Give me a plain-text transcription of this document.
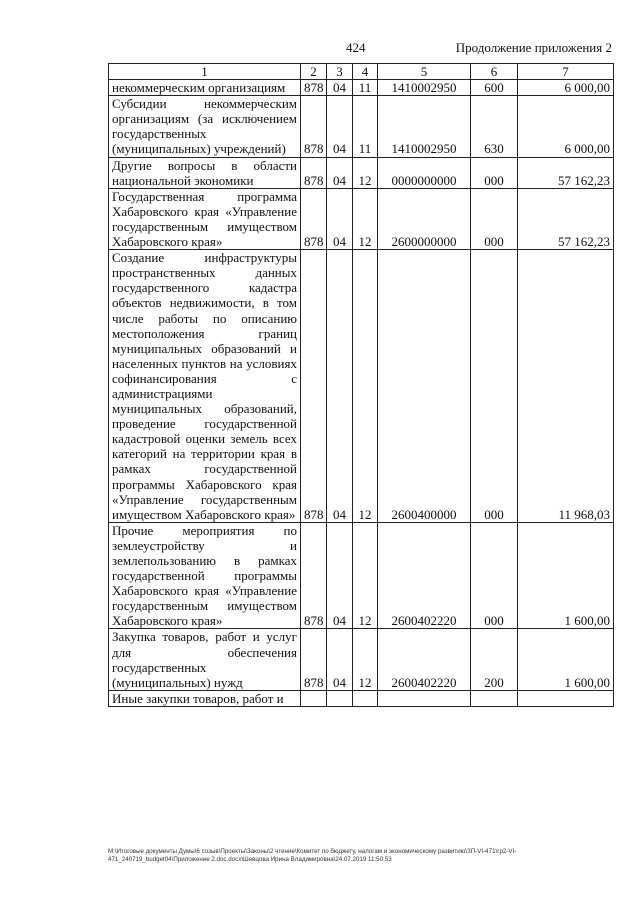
424	Продолжение приложения 2
1	2	3	4	5	6	7
некоммерческим организациям	878	04	11	1410002950	600	6 000,00
Субсидии некоммерческим организациям (за исключением государственных (муниципальных) учреждений)	878	04	11	1410002950	630	6 000,00
Другие вопросы в области национальной экономики	878	04	12	0000000000	000	57 162,23
Государственная программа Хабаровского края «Управление государственным имуществом Хабаровского края»	878	04	12	2600000000	000	57 162,23
Создание инфраструктуры пространственных данных государственного кадастра объектов недвижимости, в том числе работы по описанию местоположения границ муниципальных образований и населенных пунктов на условиях софинансирования с администрациями муниципальных образований, проведение государственной кадастровой оценки земель всех категорий на территории края в рамках государственной программы Хабаровского края «Управление государственным имуществом Хабаровского края»	878	04	12	2600400000	000	11 968,03
Прочие мероприятия по землеустройству и землепользованию в рамках государственной программы Хабаровского края «Управление государственным имуществом Хабаровского края»	878	04	12	2600402220	000	1 600,00
Закупка товаров, работ и услуг для обеспечения государственных (муниципальных) нужд	878	04	12	2600402220	200	1 600,00
Иные закупки товаров, работ и						
М:\Итоговые документы Думы\6 созыв\Проекты\Законы\2 чтение\Комитет по бюджету, налогам и экономическому развитию\ЗП-VI-471\гр2-VI-471_240719_budget04\Приложение 2.doc.docx\Шевцова Ирина Владимировна\24.07.2019 11:50:53
